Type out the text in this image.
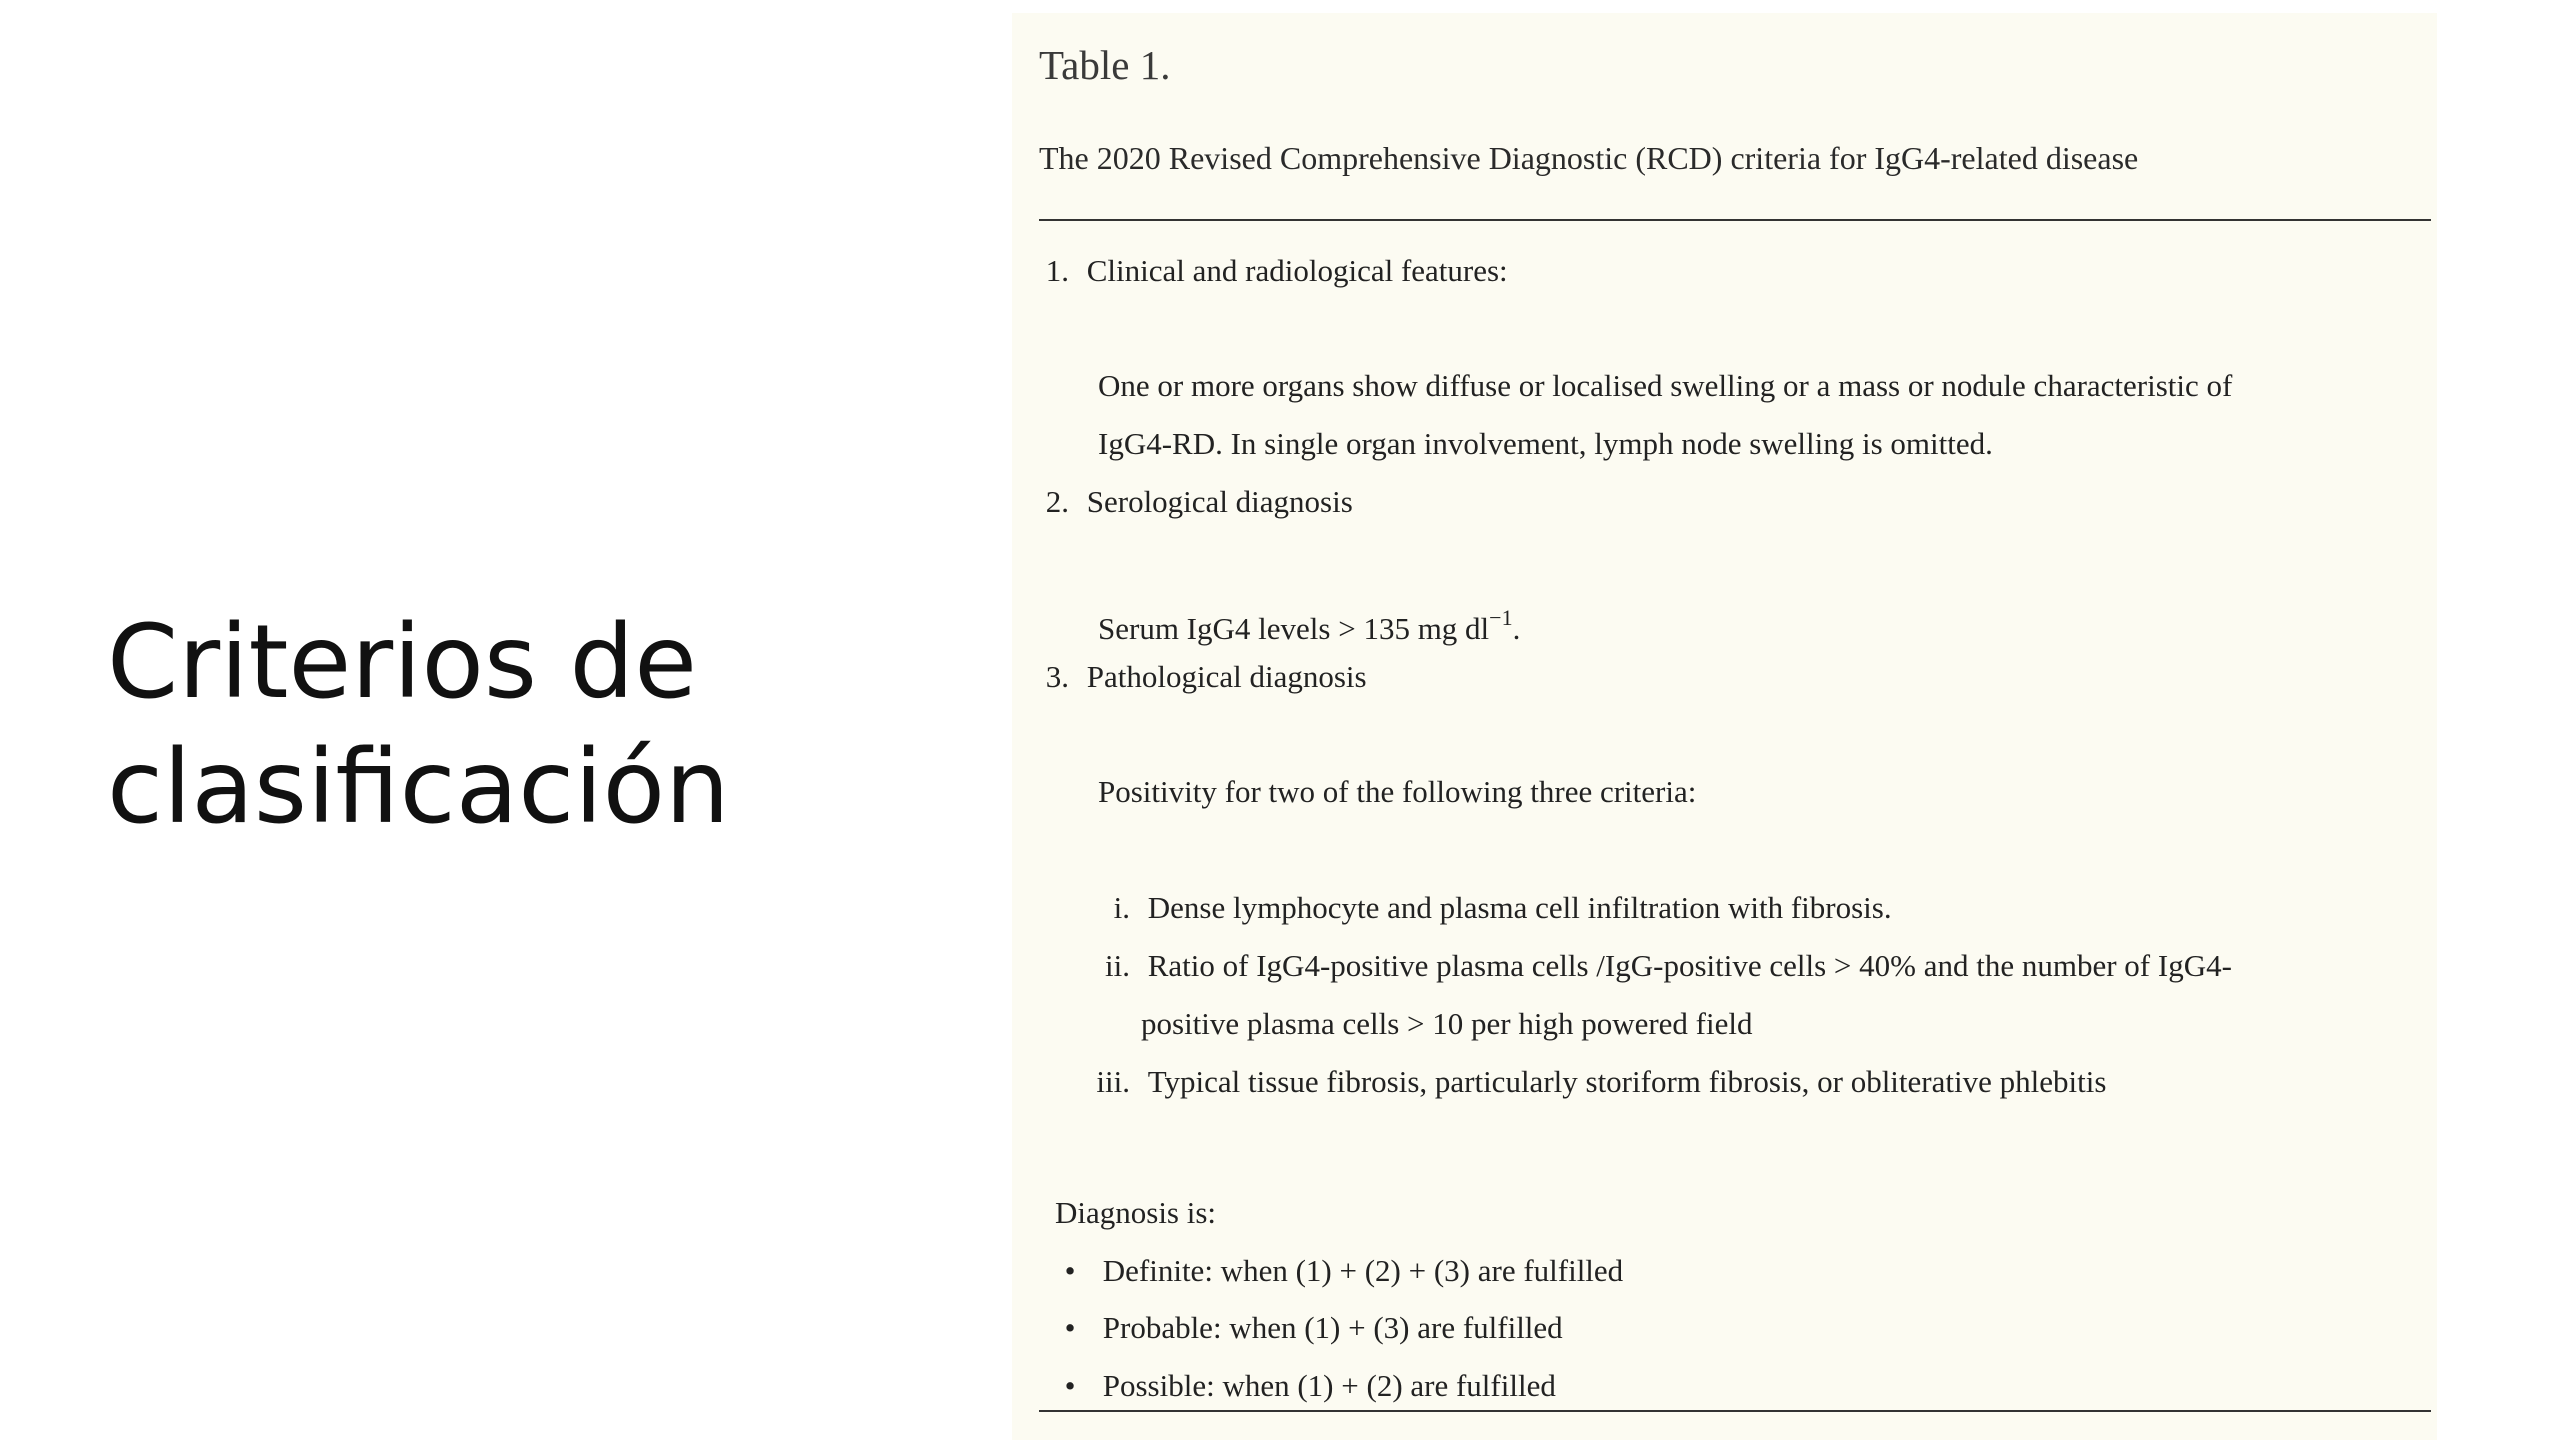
Criterios de
clasificación
Table 1.
The 2020 Revised Comprehensive Diagnostic (RCD) criteria for IgG4-related disease
1. Clinical and radiological features:
One or more organs show diffuse or localised swelling or a mass or nodule characteristic of
IgG4-RD. In single organ involvement, lymph node swelling is omitted.
2. Serological diagnosis
Serum IgG4 levels > 135 mg $dl^{-1}$.
3. Pathological diagnosis
Positivity for two of the following three criteria:
i. Dense lymphocyte and plasma cell infiltration with fibrosis.
ii. Ratio of IgG4-positive plasma cells /IgG-positive cells > 40% and the number of IgG4-
positive plasma cells > 10 per high powered field
iii. Typical tissue fibrosis, particularly storiform fibrosis, or obliterative phlebitis
Diagnosis is:
• Definite: when (1) + (2) + (3) are fulfilled
• Probable: when (1) + (3) are fulfilled
• Possible: when (1) + (2) are fulfilled
